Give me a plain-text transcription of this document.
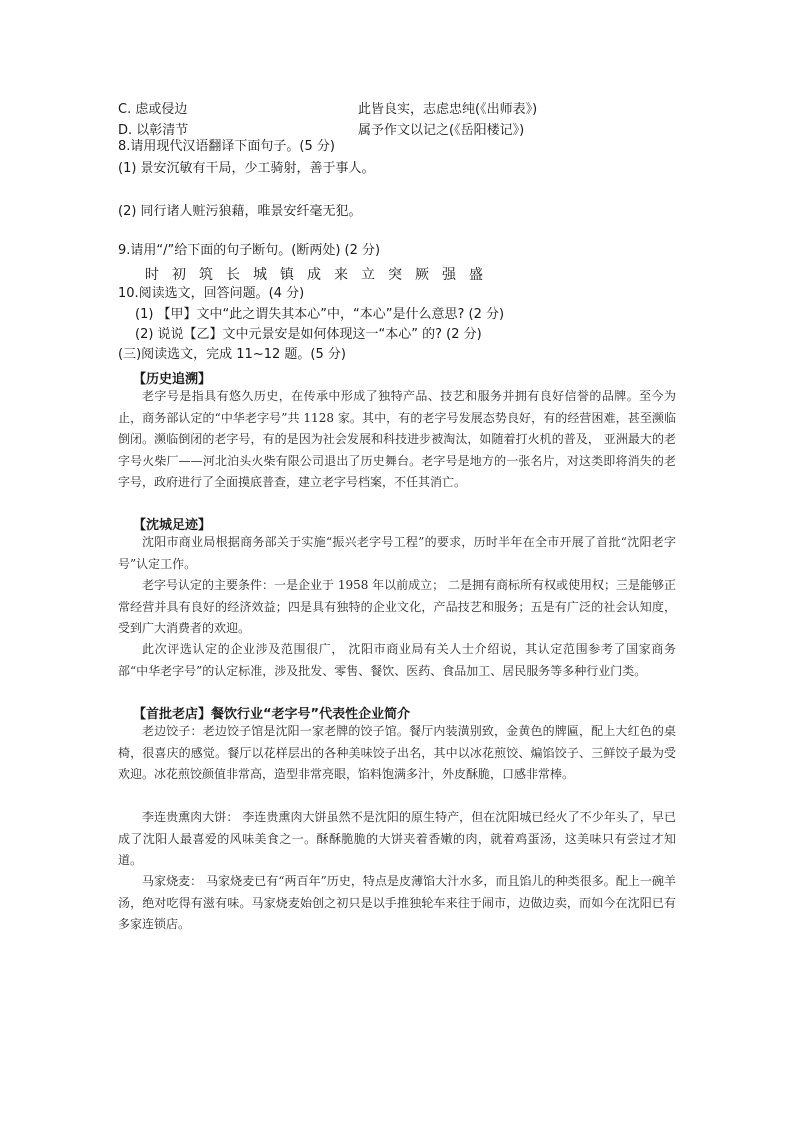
C. 虑或侵边	此皆良实，志虑忠纯(《出师表》)
D. 以彰清节	属予作文以记之(《岳阳楼记》)
8.请用现代汉语翻译下面句子。(5 分)
(1) 景安沉敏有干局，少工骑射，善于事人。
(2) 同行诸人赃污狼藉，唯景安纤毫无犯。
9.请用“/”给下面的句子断句。(断两处) (2 分)
时初筑长城镇成来立突厥强盛
10.阅读选文，回答问题。(4 分)
(1) 【甲】文中“此之谓失其本心”中，“本心”是什么意思? (2 分)
(2) 说说【乙】文中元景安是如何体现这一“本心” 的? (2 分)
(三)阅读选文，完成 11~12 题。(5 分)
【历史追溯】
老字号是指具有悠久历史，在传承中形成了独特产品、技艺和服务并拥有良好信誉的品牌。至今为止，商务部认定的“中华老字号”共 1128 家。其中，有的老字号发展态势良好，有的经营困难，甚至濒临倒闭。濒临倒闭的老字号，有的是因为社会发展和科技进步被淘汰，如随着打火机的普及， 亚洲最大的老字号火柴厂——河北泊头火柴有限公司退出了历史舞台。老字号是地方的一张名片，对这类即将消失的老字号，政府进行了全面摸底普查，建立老字号档案，不任其消亡。
【沈城足迹】
沈阳市商业局根据商务部关于实施“振兴老字号工程”的要求，历时半年在全市开展了首批“沈阳老字号”认定工作。
老字号认定的主要条件：一是企业于 1958 年以前成立； 二是拥有商标所有权或使用权；三是能够正常经营并具有良好的经济效益；四是具有独特的企业文化，产品技艺和服务；五是有广泛的社会认知度，受到广大消费者的欢迎。
此次评选认定的企业涉及范围很广， 沈阳市商业局有关人士介绍说，其认定范围参考了国家商务部“中华老字号”的认定标准，涉及批发、零售、餐饮、医药、食品加工、居民服务等多种行业门类。
【首批老店】餐饮行业“老字号”代表性企业简介
老边饺子：老边饺子馆是沈阳一家老牌的饺子馆。餐厅内装潢别致，金黄色的牌匾，配上大红色的桌椅，很喜庆的感觉。餐厅以花样层出的各种美味饺子出名，其中以冰花煎饺、煸馅饺子、三鲜饺子最为受欢迎。冰花煎饺颜值非常高，造型非常亮眼，馅料饱满多汁，外皮酥脆，口感非常棒。
李连贵熏肉大饼： 李连贵熏肉大饼虽然不是沈阳的原生特产，但在沈阳城已经火了不少年头了，早已成了沈阳人最喜爱的风味美食之一。酥酥脆脆的大饼夹着香嫩的肉，就着鸡蛋汤，这美味只有尝过才知道。
马家烧麦： 马家烧麦已有“两百年”历史，特点是皮薄馅大汁水多，而且馅儿的种类很多。配上一碗羊汤，绝对吃得有滋有味。马家烧麦始创之初只是以手推独轮车来往于闹市，边做边卖，而如今在沈阳已有多家连锁店。
